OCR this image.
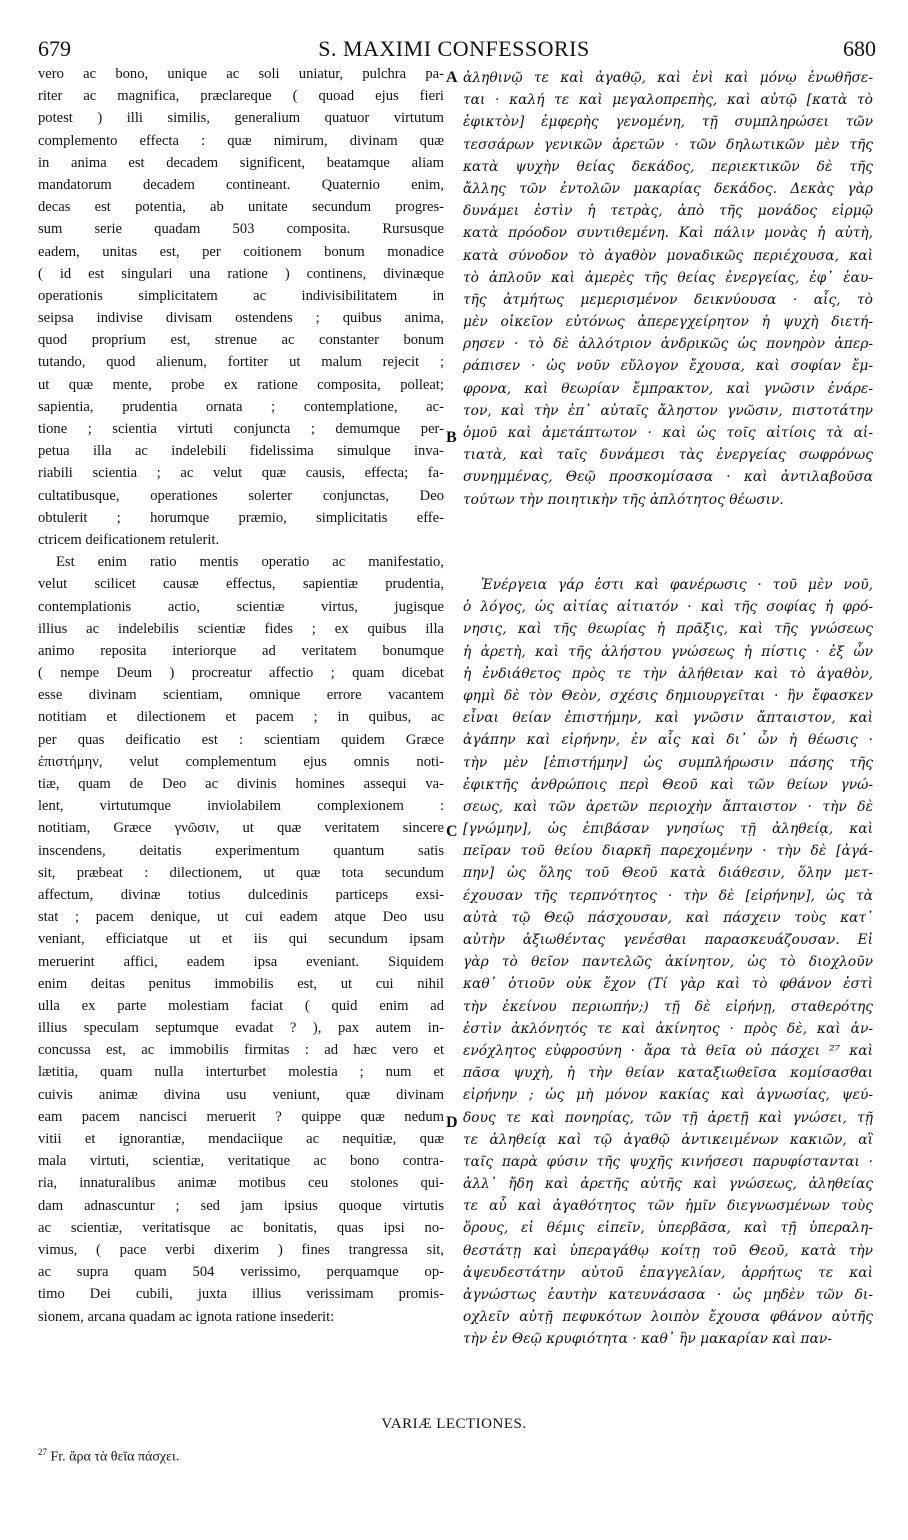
679	S. MAXIMI CONFESSORIS	680
vero ac bono, unique ac soli uniatur, pulchra pa-
riter ac magnifica, præclareque ( quoad ejus fieri
potest ) illi similis, generalium quatuor virtutum
complemento effecta : quæ nimirum, divinam quæ
in anima est decadem significent, beatamque aliam
mandatorum decadem contineant. Quaternio enim,
decas est potentia, ab unitate secundum progres-
sum serie quadam 503 composita. Rursusque
eadem, unitas est, per coitionem bonum monadice
( id est singulari una ratione ) continens, divinæque
operationis simplicitatem ac indivisibilitatem in
seipsa indivise divisam ostendens ; quibus anima,
quod proprium est, strenue ac constanter bonum
tutando, quod alienum, fortiter ut malum rejecit ;
ut quæ mente, probe ex ratione composita, polleat;
sapientia, prudentia ornata ; contemplatione, ac-
tione ; scientia virtuti conjuncta ; demumque per-
petua illa ac indelebili fidelissima simulque inva-
riabili scientia ; ac velut quæ causis, effecta; fa-
cultatibusque, operationes solerter conjunctas, Deo
obtulerit ; horumque præmio, simplicitatis effe-
ctricem deificationem retulerit.
Est enim ratio mentis operatio ac manifestatio,
velut scilicet causæ effectus, sapientiæ prudentia,
contemplationis actio, scientiæ virtus, jugisque
illius ac indelebilis scientiæ fides ; ex quibus illa
animo reposita interiorque ad veritatem bonumque
( nempe Deum ) procreatur affectio ; quam dicebat
esse divinam scientiam, omnique errore vacantem
notitiam et dilectionem et pacem ; in quibus, ac
per quas deificatio est : scientiam quidem Græce
ἐπιστήμην, velut complementum ejus omnis noti-
tiæ, quam de Deo ac divinis homines assequi va-
lent, virtutumque inviolabilem complexionem :
notitiam, Græce γνῶσιν, ut quæ veritatem sincere
inscendens, deitatis experimentum quantum satis
sit, præbeat : dilectionem, ut quæ tota secundum
affectum, divinæ totius dulcedinis particeps exsi-
stat ; pacem denique, ut cui eadem atque Deo usu
veniant, efficiatque ut et iis qui secundum ipsam
meruerint affici, eadem ipsa eveniant. Siquidem
enim deitas penitus immobilis est, ut cui nihil
ulla ex parte molestiam faciat ( quid enim ad
illius speculam septumque evadat ? ), pax autem in-
concussa est, ac immobilis firmitas : ad hæc vero et
lætitia, quam nulla interturbet molestia ; num et
cuivis animæ divina usu veniunt, quæ divinam
eam pacem nancisci meruerit ? quippe quæ nedum
vitii et ignorantiæ, mendaciique ac nequitiæ, quæ
mala virtuti, scientiæ, veritatique ac bono contra-
ria, innaturalibus animæ motibus ceu stolones qui-
dam adnascuntur ; sed jam ipsius quoque virtutis
ac scientiæ, veritatisque ac bonitatis, quas ipsi no-
vimus, ( pace verbi dixerim ) fines trangressa sit,
ac supra quam 504 verissimo, perquamque op-
timo Dei cubili, juxta illius verissimam promis-
sionem, arcana quadam ac ignota ratione insederit:
ἀληθινῷ τε καὶ ἀγαθῷ, καὶ ἑνὶ καὶ μόνῳ ἑνωθῆσε-
ται · καλή τε καὶ μεγαλοπρεπὴς, καὶ αὐτῷ [κατὰ τὸ
ἐφικτὸν] ἐμφερὴς γενομένη, τῇ συμπληρώσει τῶν
τεσσάρων γενικῶν ἀρετῶν · τῶν δηλωτικῶν μὲν τῆς
κατὰ ψυχὴν θείας δεκάδος, περιεκτικῶν δὲ τῆς
ἄλλης τῶν ἐντολῶν μακαρίας δεκάδος. Δεκὰς γὰρ
δυνάμει ἐστὶν ἡ τετρὰς, ἀπὸ τῆς μονάδος εἱρμῷ
κατὰ πρόοδον συντιθεμένη. Καὶ πάλιν μονὰς ἡ αὐτὴ,
κατὰ σύνοδον τὸ ἀγαθὸν μοναδικῶς περιέχουσα, καὶ
τὸ ἁπλοῦν καὶ ἀμερὲς τῆς θείας ἐνεργείας, ἐφ᾽ ἑαυ-
τῆς ἀτμήτως μεμερισμένον δεικνύουσα · αἷς, τὸ
μὲν οἰκεῖον εὐτόνως ἀπερεγχείρητον ἡ ψυχὴ διετή-
ρησεν · τὸ δὲ ἀλλότριον ἀνδρικῶς ὡς πονηρὸν ἀπερ-
ράπισεν · ὡς νοῦν εὔλογον ἔχουσα, καὶ σοφίαν ἔμ-
φρονα, καὶ θεωρίαν ἔμπρακτον, καὶ γνῶσιν ἐνάρε-
τον, καὶ τὴν ἐπ᾽ αὐταῖς ἄληστον γνῶσιν, πιστοτάτην
ὁμοῦ καὶ ἀμετάπτωτον · καὶ ὡς τοῖς αἰτίοις τὰ αἰ-
τιατὰ, καὶ ταῖς δυνάμεσι τὰς ἐνεργείας σωφρόνως
συνημμένας, Θεῷ προσκομίσασα · καὶ ἀντιλαβοῦσα
τούτων τὴν ποιητικὴν τῆς ἁπλότητος θέωσιν.
Ἐνέργεια γάρ ἐστι καὶ φανέρωσις · τοῦ μὲν νοῦ,
ὁ λόγος, ὡς αἰτίας αἰτιατόν · καὶ τῆς σοφίας ἡ φρό-
νησις, καὶ τῆς θεωρίας ἡ πρᾶξις, καὶ τῆς γνώσεως
ἡ ἀρετὴ, καὶ τῆς ἀλήστου γνώσεως ἡ πίστις · ἐξ ὧν
ἡ ἐνδιάθετος πρὸς τε τὴν ἀλήθειαν καὶ τὸ ἀγαθὸν,
φημὶ δὲ τὸν Θεὸν, σχέσις δημιουργεῖται · ἣν ἔφασκεν
εἶναι θείαν ἐπιστήμην, καὶ γνῶσιν ἄπταιστον, καὶ
ἀγάπην καὶ εἰρήνην, ἐν αἷς καὶ δι᾽ ὧν ἡ θέωσις ·
τὴν μὲν [ἐπιστήμην] ὡς συμπλήρωσιν πάσης τῆς
ἐφικτῆς ἀνθρώποις περὶ Θεοῦ καὶ τῶν θείων γνώ-
σεως, καὶ τῶν ἀρετῶν περιοχὴν ἄπταιστον · τὴν δὲ
[γνώμην], ὡς ἐπιβάσαν γνησίως τῇ ἀληθείᾳ, καὶ
πεῖραν τοῦ θείου διαρκῆ παρεχομένην · τὴν δὲ [ἀγά-
πην] ὡς ὅλης τοῦ Θεοῦ κατὰ διάθεσιν, ὅλην μετ-
έχουσαν τῆς τερπνότητος · τὴν δὲ [εἰρήνην], ὡς τὰ
αὐτὰ τῷ Θεῷ πάσχουσαν, καὶ πάσχειν τοὺς κατ᾽
αὐτὴν ἀξιωθέντας γενέσθαι παρασκευάζουσαν. Εἰ
γὰρ τὸ θεῖον παντελῶς ἀκίνητον, ὡς τὸ διοχλοῦν
καθ᾽ ὁτιοῦν οὐκ ἔχον (Τί γὰρ καὶ τὸ φθάνον ἐστὶ
τὴν ἐκείνου περιωπήν;) τῇ δὲ εἰρήνῃ, σταθερότης
ἐστὶν ἀκλόνητός τε καὶ ἀκίνητος · πρὸς δὲ, καὶ ἀν-
ενόχλητος εὐφροσύνη · ἄρα τὰ θεῖα οὐ πάσχει ²⁷ καὶ
πᾶσα ψυχὴ, ἡ τὴν θείαν καταξιωθεῖσα κομίσασθαι
εἰρήνην ; ὡς μὴ μόνον κακίας καὶ ἀγνωσίας, ψεύ-
δους τε καὶ πονηρίας, τῶν τῇ ἀρετῇ καὶ γνώσει, τῇ
τε ἀληθείᾳ καὶ τῷ ἀγαθῷ ἀντικειμένων κακιῶν, αἳ
ταῖς παρὰ φύσιν τῆς ψυχῆς κινήσεσι παρυφίστανται ·
ἀλλ᾽ ἤδη καὶ ἀρετῆς αὐτῆς καὶ γνώσεως, ἀληθείας
τε αὖ καὶ ἀγαθότητος τῶν ἡμῖν διεγνωσμένων τοὺς
ὅρους, εἰ θέμις εἰπεῖν, ὑπερβᾶσα, καὶ τῇ ὑπεραλη-
θεστάτῃ καὶ ὑπεραγάθῳ κοίτῃ τοῦ Θεοῦ, κατὰ τὴν
ἀψευδεστάτην αὐτοῦ ἐπαγγελίαν, ἀρρήτως τε καὶ
ἀγνώστως ἑαυτὴν κατευνάσασα · ὡς μηδὲν τῶν δι-
οχλεῖν αὐτῇ πεφυκότων λοιπὸν ἔχουσα φθάνον αὐτῆς
τὴν ἐν Θεῷ κρυφιότητα · καθ᾽ ἣν μακαρίαν καὶ παν-
A
B
C
D
VARIÆ LECTIONES.
$^{27}$ Fr. ἄρα τὰ θεῖα πάσχει.
